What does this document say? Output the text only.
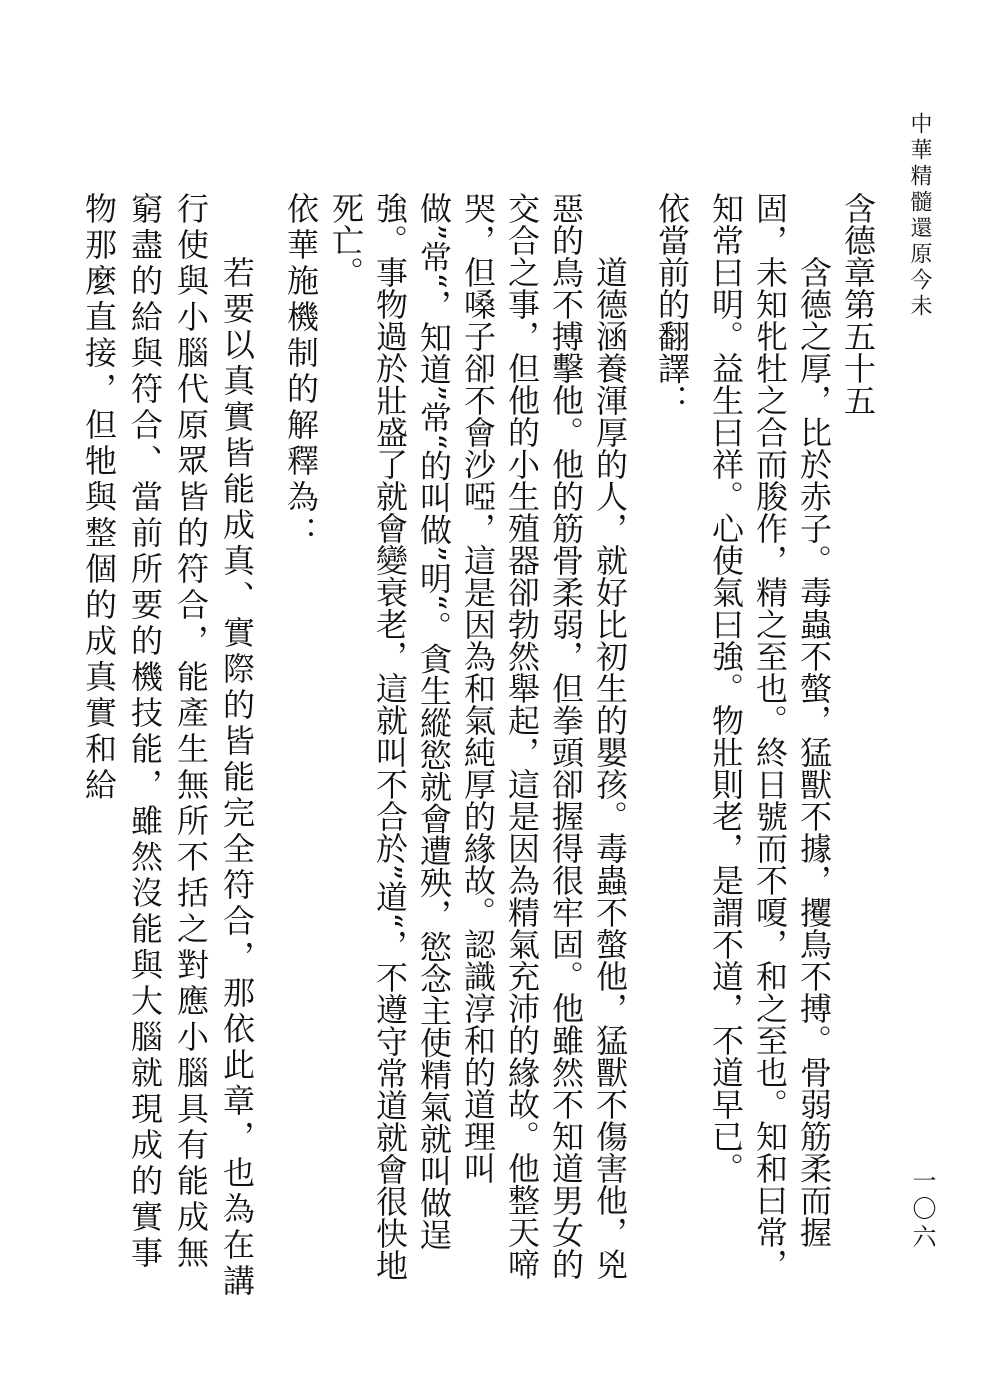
中華精髓還原今未
一〇六

含德章第五十五

含德之厚，比於赤子。毒蟲不螫，猛獸不據，攫鳥不搏。骨弱筋柔而握固，未知牝牡之合而朘作，精之至也。終日號而不嗄，和之至也。知和曰常，知常曰明。益生曰祥。心使氣曰強。物壯則老，是謂不道，不道早已。

依當前的翻譯：

道德涵養渾厚的人，就好比初生的嬰孩。毒蟲不螫他，猛獸不傷害他，兇惡的鳥不搏擊他。他的筋骨柔弱，但拳頭卻握得很牢固。他雖然不知道男女的交合之事，但他的小生殖器卻勃然舉起，這是因為精氣充沛的緣故。他整天啼哭，但嗓子卻不會沙啞，這是因為和氣純厚的緣故。認識淳和的道理叫做”常“，知道”常“的叫做”明“。貪生縱慾就會遭殃，慾念主使精氣就叫做逞強。事物過於壯盛了就會變衰老，這就叫不合於”道“，不遵守常道就會很快地死亡。

依華施機制的解釋為：

若要以真實皆能成真、實際的皆能完全符合，那依此章，也為在講行使與小腦代原眾皆的符合，能產生無所不括之對應小腦具有能成無窮盡的給與符合、當前所要的機技能，雖然沒能與大腦就現成的實事物那麼直接，但牠與整個的成真實和給
